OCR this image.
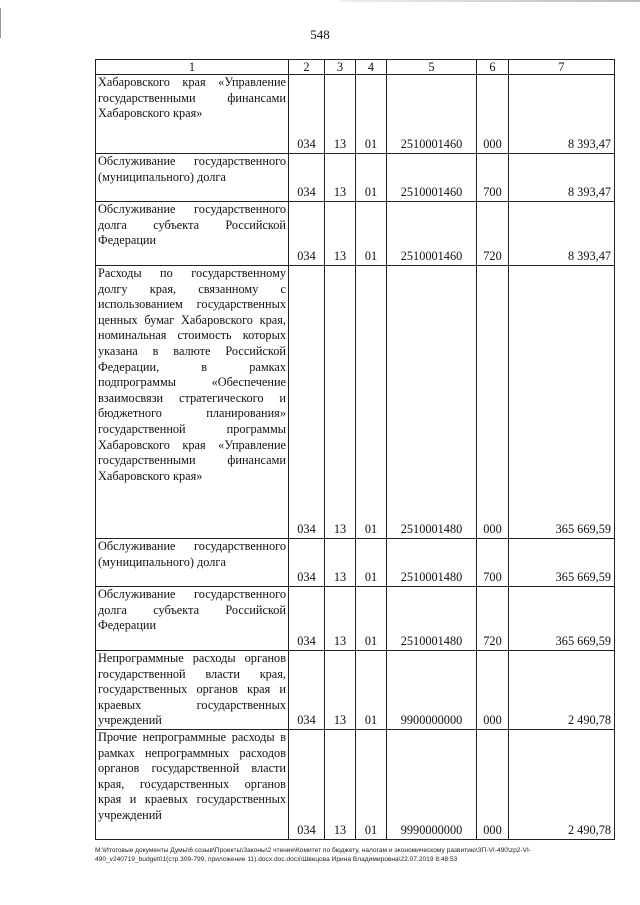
548
1	2	3	4	5	6	7
Хабаровского края «Управление государственными финансами Хабаровского края»	034	13	01	2510001460	000	8 393,47
Обслуживание государственного (муниципального) долга	034	13	01	2510001460	700	8 393,47
Обслуживание государственного долга субъекта Российской Федерации	034	13	01	2510001460	720	8 393,47
Расходы по государственному долгу края, связанному с использованием государственных ценных бумаг Хабаровского края, номинальная стоимость которых указана в валюте Российской Федерации, в рамках подпрограммы «Обеспечение взаимосвязи стратегического и бюджетного планирования» государственной программы Хабаровского края «Управление государственными финансами Хабаровского края»	034	13	01	2510001480	000	365 669,59
Обслуживание государственного (муниципального) долга	034	13	01	2510001480	700	365 669,59
Обслуживание государственного долга субъекта Российской Федерации	034	13	01	2510001480	720	365 669,59
Непрограммные расходы органов государственной власти края, государственных органов края и краевых государственных учреждений	034	13	01	9900000000	000	2 490,78
Прочие непрограммные расходы в рамках непрограммных расходов органов государственной власти края, государственных органов края и краевых государственных учреждений	034	13	01	9990000000	000	2 490,78
M:\Итоговые документы Думы\6 созыв\Проекты\Законы\2 чтение\Комитет по бюджету, налогам и экономическому развитию\ЗП-VI-490\zp2-VI-
490_v240719_budget01(стр.309-799, приложение 11).docx.doc.docx\Швецова Ирина Владимировна\22.07.2019 8:48:53
